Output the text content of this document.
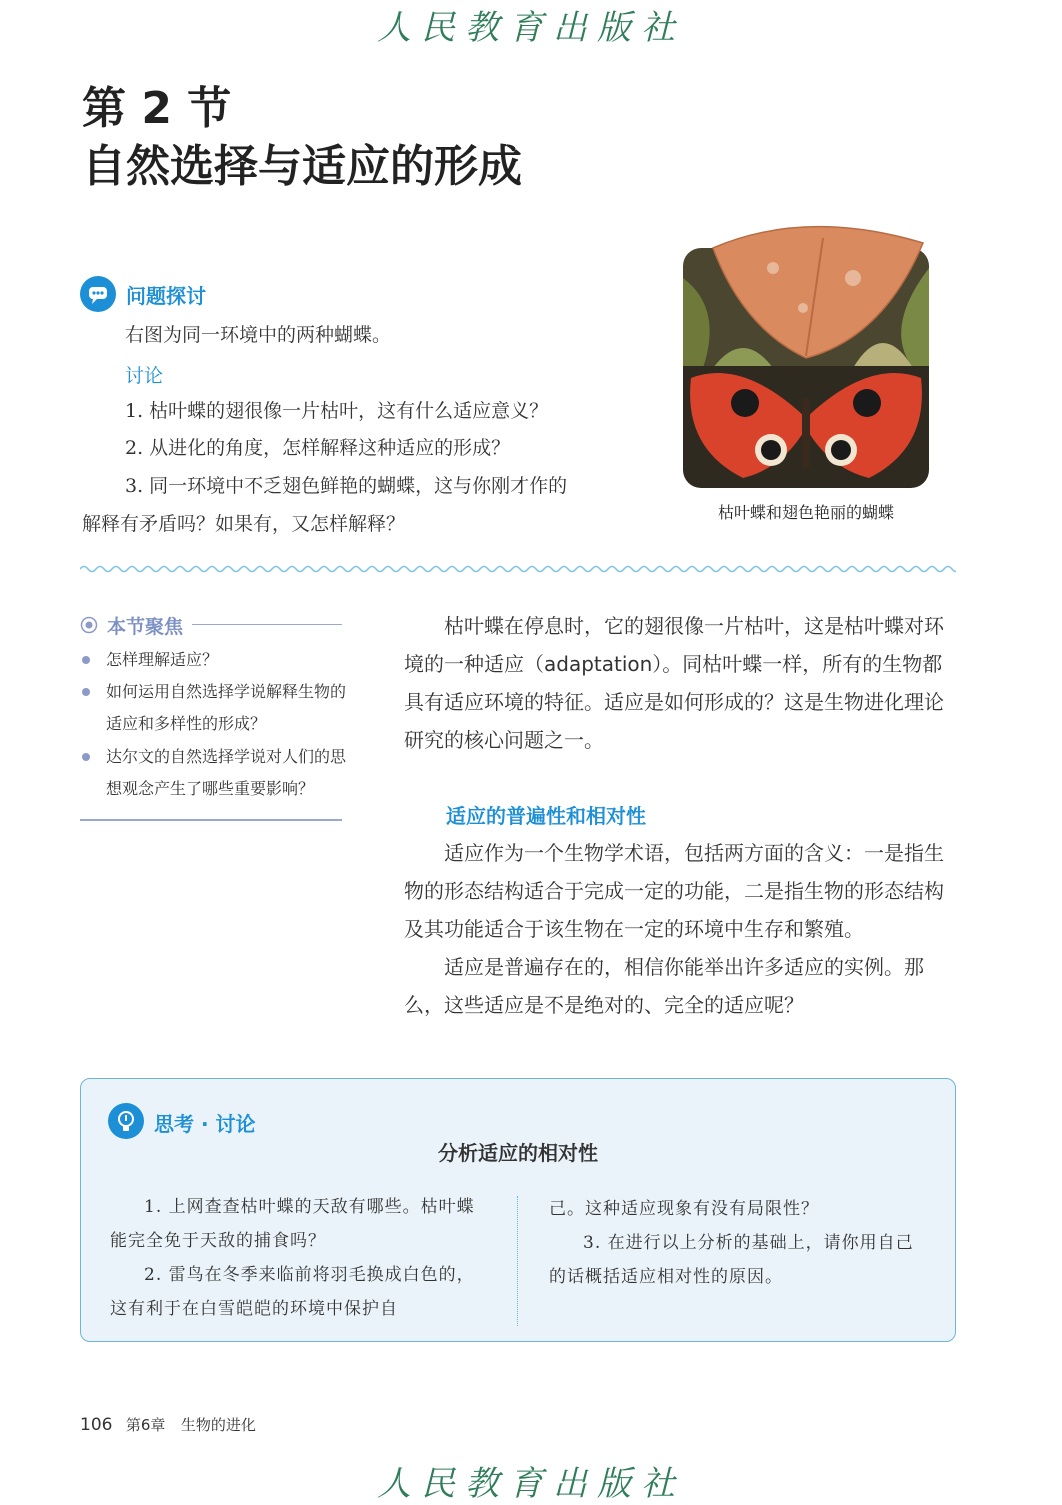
人民教育出版社
第 2 节
自然选择与适应的形成
问题探讨
右图为同一环境中的两种蝴蝶。
讨论
1. 枯叶蝶的翅很像一片枯叶，这有什么适应意义？
2. 从进化的角度，怎样解释这种适应的形成？
3. 同一环境中不乏翅色鲜艳的蝴蝶，这与你刚才作的
解释有矛盾吗？如果有，又怎样解释？
枯叶蝶和翅色艳丽的蝴蝶
本节聚焦
怎样理解适应？
如何运用自然选择学说解释生物的适应和多样性的形成？
达尔文的自然选择学说对人们的思想观念产生了哪些重要影响？

枯叶蝶在停息时，它的翅很像一片枯叶，这是枯叶蝶对环境的一种适应（adaptation）。同枯叶蝶一样，所有的生物都具有适应环境的特征。适应是如何形成的？这是生物进化理论研究的核心问题之一。

适应的普遍性和相对性

适应作为一个生物学术语，包括两方面的含义：一是指生物的形态结构适合于完成一定的功能，二是指生物的形态结构及其功能适合于该生物在一定的环境中生存和繁殖。

适应是普遍存在的，相信你能举出许多适应的实例。那么，这些适应是不是绝对的、完全的适应呢？

思考 · 讨论
分析适应的相对性

1. 上网查查枯叶蝶的天敌有哪些。枯叶蝶能完全免于天敌的捕食吗？

2. 雷鸟在冬季来临前将羽毛换成白色的，这有利于在白雪皑皑的环境中保护自

己。这种适应现象有没有局限性？

3. 在进行以上分析的基础上，请你用自己的话概括适应相对性的原因。

106 第6章 生物的进化
人民教育出版社
